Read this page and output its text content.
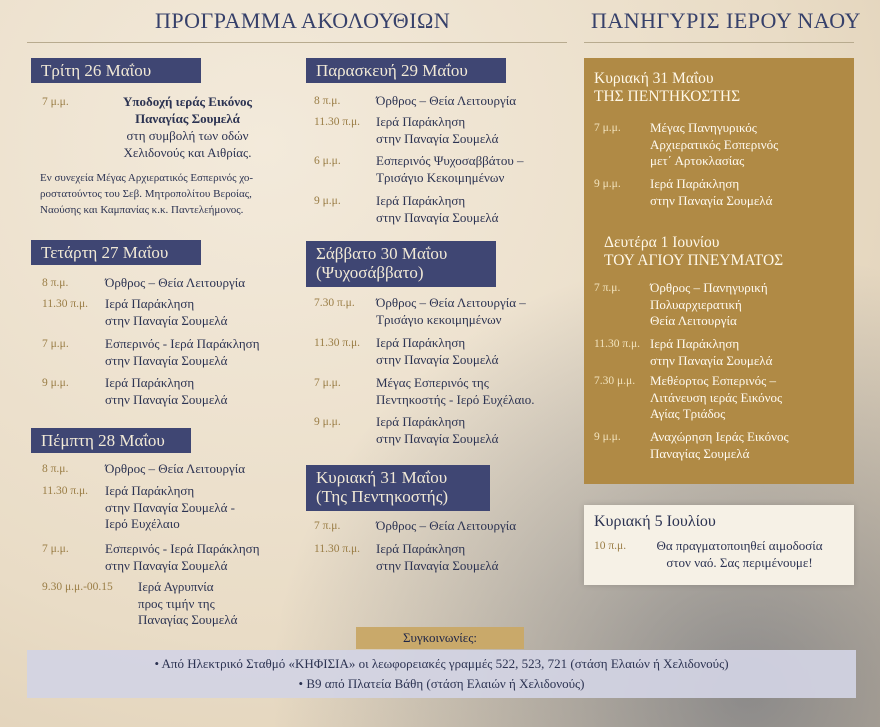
ΠΡΟΓΡΑΜΜΑ ΑΚΟΛΟΥΘΙΩΝ	ΠΑΝΗΓΥΡΙΣ ΙΕΡΟΥ ΝΑΟΥ
Τρίτη 26 Μαΐου
7 μ.μ.	Υποδοχή ιεράς Εικόνος
Παναγίας Σουμελά
στη συμβολή των οδών
Χελιδονούς και Αιθρίας.
Εν συνεχεία Μέγας Αρχιερατικός Εσπερινός χο-
ροστατούντος του Σεβ. Μητροπολίτου Βεροίας,
Ναούσης και Καμπανίας κ.κ. Παντελεήμονος.
Τετάρτη 27 Μαΐου
8 π.μ.	Όρθρος – Θεία Λειτουργία
11.30 π.μ. Ιερά Παράκληση
στην Παναγία Σουμελά
7 μ.μ.	Εσπερινός - Ιερά Παράκληση
στην Παναγία Σουμελά
9 μ.μ.	Ιερά Παράκληση
στην Παναγία Σουμελά
Πέμπτη 28 Μαΐου
8 π.μ.	Όρθρος – Θεία Λειτουργία
11.30 π.μ. Ιερά Παράκληση
στην Παναγία Σουμελά -
Ιερό Ευχέλαιο
7 μ.μ.	Εσπερινός - Ιερά Παράκληση
στην Παναγία Σουμελά
9.30 μ.μ.-00.15 Ιερά Αγρυπνία
προς τιμήν της
Παναγίας Σουμελά
Παρασκευή 29 Μαΐου
8 π.μ.	Όρθρος – Θεία Λειτουργία
11.30 π.μ. Ιερά Παράκληση
στην Παναγία Σουμελά
6 μ.μ.	Εσπερινός Ψυχοσαββάτου –
Τρισάγιο Κεκοιμημένων
9 μ.μ.	Ιερά Παράκληση
στην Παναγία Σουμελά
Σάββατο 30 Μαΐου
(Ψυχοσάββατο)
7.30 π.μ. Όρθρος – Θεία Λειτουργία –
Τρισάγιο κεκοιμημένων
11.30 π.μ. Ιερά Παράκληση
στην Παναγία Σουμελά
7 μ.μ.	Μέγας Εσπερινός της
Πεντηκοστής - Ιερό Ευχέλαιο.
9 μ.μ.	Ιερά Παράκληση
στην Παναγία Σουμελά
Κυριακή 31 Μαΐου
(Της Πεντηκοστής)
7 π.μ.	Όρθρος – Θεία Λειτουργία
11.30 π.μ. Ιερά Παράκληση
στην Παναγία Σουμελά
Κυριακή 31 Μαΐου
ΤΗΣ ΠΕΝΤΗΚΟΣΤΗΣ
7 μ.μ. Μέγας Πανηγυρικός
Αρχιερατικός Εσπερινός
μετ΄ Αρτοκλασίας
9 μ.μ. Ιερά Παράκληση
στην Παναγία Σουμελά
Δευτέρα 1 Ιουνίου
ΤΟΥ ΑΓΙΟΥ ΠΝΕΥΜΑΤΟΣ
7 π.μ. Όρθρος – Πανηγυρική
Πολυαρχιερατική
Θεία Λειτουργία
11.30 π.μ. Ιερά Παράκληση
στην Παναγία Σουμελά
7.30 μ.μ. Μεθέορτος Εσπερινός –
Λιτάνευση ιεράς Εικόνος
Αγίας Τριάδος
9 μ.μ. Αναχώρηση Ιεράς Εικόνος
Παναγίας Σουμελά
Κυριακή 5 Ιουλίου
10 π.μ.	Θα πραγματοποιηθεί αιμοδοσία
στον ναό. Σας περιμένουμε!
Συγκοινωνίες:
• Από Ηλεκτρικό Σταθμό «ΚΗΦΙΣΙΑ» οι λεωφορειακές γραμμές 522, 523, 721 (στάση Ελαιών ή Χελιδονούς)
• Β9 από Πλατεία Βάθη (στάση Ελαιών ή Χελιδονούς)
